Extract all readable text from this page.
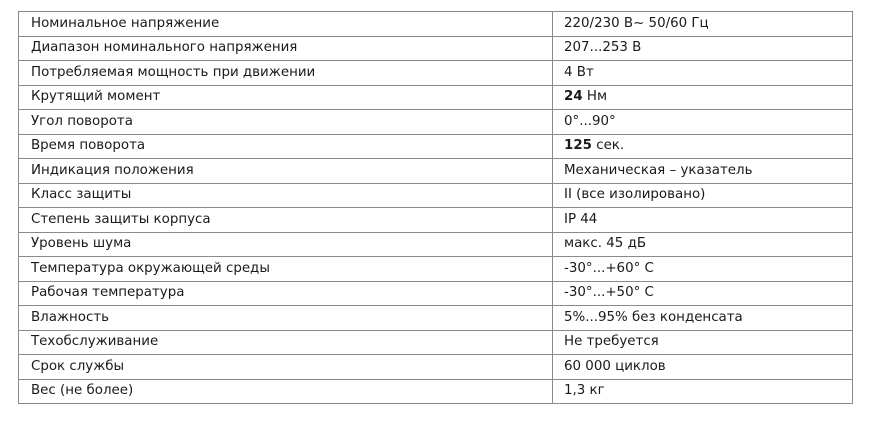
Номинальное напряжение	220/230 В~ 50/60 Гц
Диапазон номинального напряжения	207...253 В
Потребляемая мощность при движении	4 Вт
Крутящий момент	24 Нм
Угол поворота	0°...90°
Время поворота	125 сек.
Индикация положения	Механическая – указатель
Класс защиты	II (все изолировано)
Степень защиты корпуса	IP 44
Уровень шума	макс. 45 дБ
Температура окружающей среды	-30°...+60° С
Рабочая температура	-30°...+50° С
Влажность	5%...95% без конденсата
Техобслуживание	Не требуется
Срок службы	60 000 циклов
Вес (не более)	1,3 кг
